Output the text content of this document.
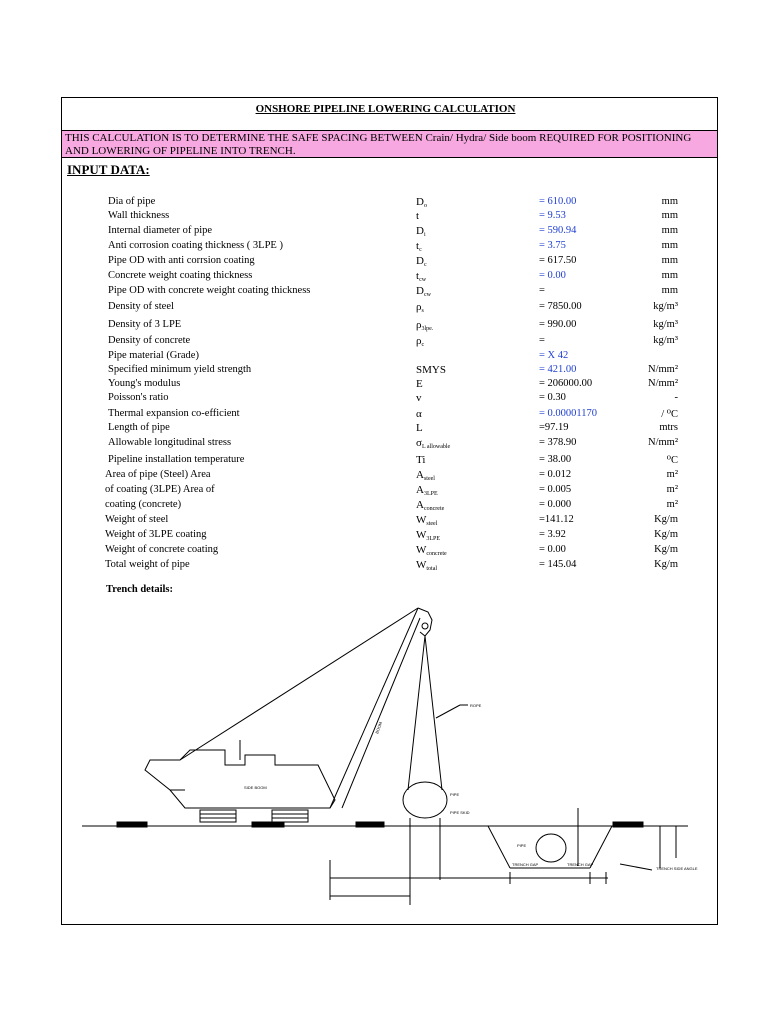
ONSHORE PIPELINE LOWERING CALCULATION
THIS CALCULATION IS TO DETERMINE THE SAFE SPACING BETWEEN Crain/ Hydra/ Side boom REQUIRED FOR POSITIONING AND LOWERING OF PIPELINE INTO TRENCH.
INPUT DATA:
Dia of pipe	$D_o$	= 610.00	mm
Wall thickness	t	= 9.53	mm
Internal diameter of pipe	$D_i$	= 590.94	mm
Anti corrosion coating thickness ( 3LPE )	$t_c$	= 3.75	mm
Pipe OD with anti corrsion coating	$D_c$	= 617.50	mm
Concrete weight coating thickness	$t_{cw}$	= 0.00	mm
Pipe OD with concrete weight coating thickness	$D_{cw}$	=	mm
Density of steel	$\rho_s$	= 7850.00	kg/m³
Density of 3 LPE	$\rho_{3lpe.}$	= 990.00	kg/m³
Density of concrete	$\rho_c$	=	kg/m³
Pipe material (Grade)	= X 42
Specified minimum yield strength	SMYS	= 421.00	N/mm²
Young's modulus	E	= 206000.00	N/mm²
Poisson's ratio	v	= 0.30	-
Thermal expansion co-efficient	α	= 0.00001170	/ ⁰C
Length of pipe	L	=97.19	mtrs
Allowable longitudinal stress	$\sigma_{L allowable}$	= 378.90	N/mm²
Pipeline installation temperature	Ti	= 38.00	⁰C
Area of pipe (Steel) Area	$A_{steel}$	= 0.012	m²
of coating (3LPE) Area of	$A_{3LPE}$	= 0.005	m²
coating (concrete)	$A_{concrete}$	= 0.000	m²
Weight of steel	$W_{steel}$	=141.12	Kg/m
Weight of 3LPE coating	$W_{3LPE}$	= 3.92	Kg/m
Weight of concrete coating	$W_{concrete}$	= 0.00	Kg/m
Total weight of pipe	$W_{total}$	= 145.04	Kg/m
Trench details:
SIDE BOOM
ROPE
BOOM
PIPE
PIPE SKID
PIPE
TRENCH GAP	TRENCH GAP
TRENCH SIDE ANGLE
